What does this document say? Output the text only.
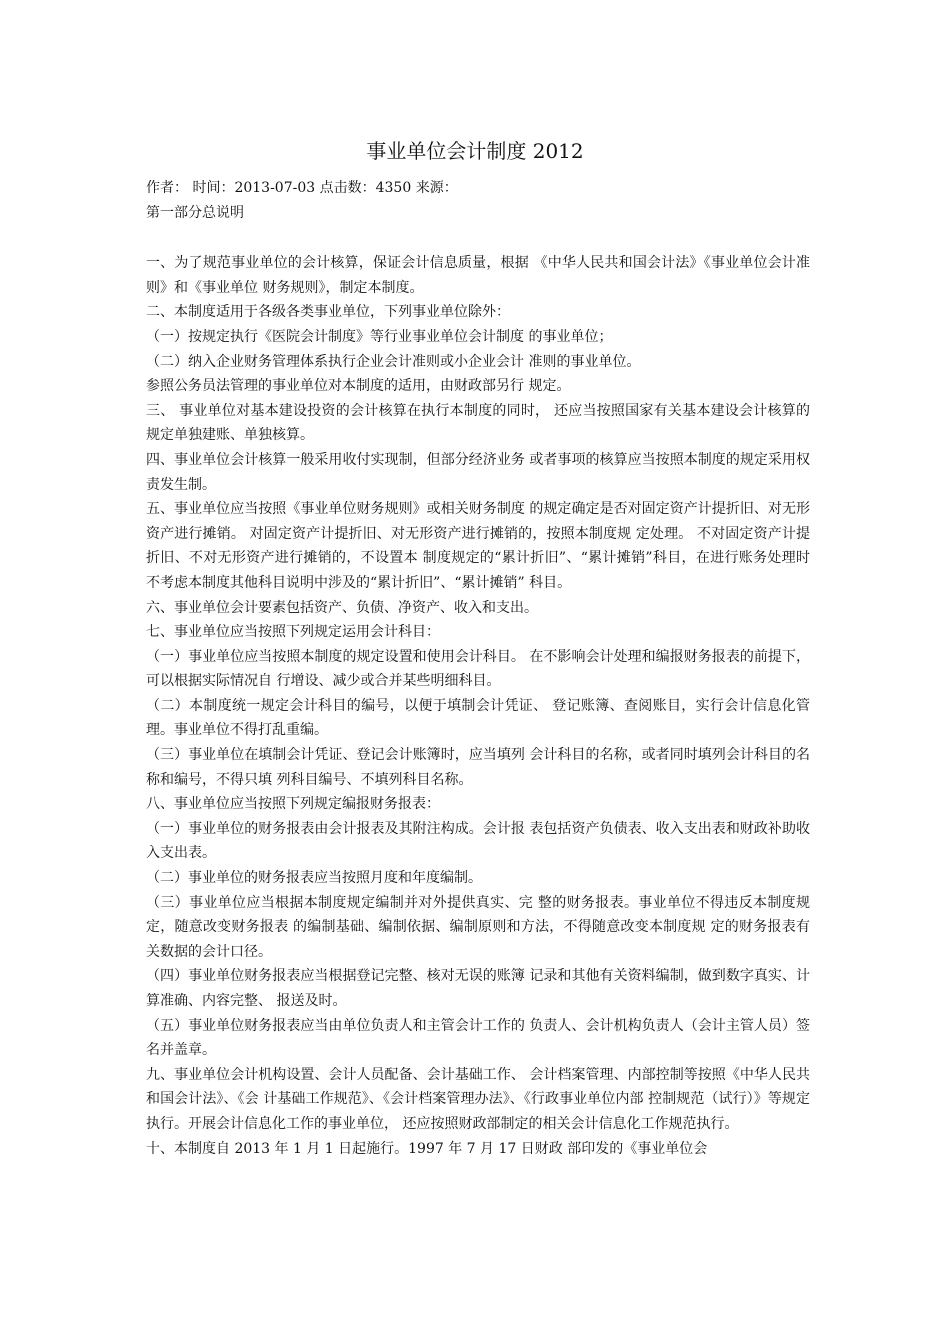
事业单位会计制度 2012
作者： 时间：2013-07-03 点击数：4350 来源：
第一部分总说明
一、为了规范事业单位的会计核算，保证会计信息质量，根据 《中华人民共和国会计法》《事业单位会计准则》和《事业单位 财务规则》，制定本制度。
二、本制度适用于各级各类事业单位，下列事业单位除外：
（一）按规定执行《医院会计制度》等行业事业单位会计制度 的事业单位；
（二）纳入企业财务管理体系执行企业会计准则或小企业会计 准则的事业单位。
参照公务员法管理的事业单位对本制度的适用，由财政部另行 规定。
三、 事业单位对基本建设投资的会计核算在执行本制度的同时， 还应当按照国家有关基本建设会计核算的规定单独建账、单独核算。
四、事业单位会计核算一般采用收付实现制，但部分经济业务 或者事项的核算应当按照本制度的规定采用权责发生制。
五、事业单位应当按照《事业单位财务规则》或相关财务制度 的规定确定是否对固定资产计提折旧、对无形资产进行摊销。 对固定资产计提折旧、对无形资产进行摊销的，按照本制度规 定处理。 不对固定资产计提折旧、不对无形资产进行摊销的，不设置本 制度规定的“累计折旧”、“累计摊销”科目，在进行账务处理时 不考虑本制度其他科目说明中涉及的“累计折旧”、“累计摊销” 科目。
六、事业单位会计要素包括资产、负债、净资产、收入和支出。
七、事业单位应当按照下列规定运用会计科目：
（一）事业单位应当按照本制度的规定设置和使用会计科目。 在不影响会计处理和编报财务报表的前提下，可以根据实际情况自 行增设、减少或合并某些明细科目。
（二）本制度统一规定会计科目的编号，以便于填制会计凭证、 登记账簿、查阅账目，实行会计信息化管理。事业单位不得打乱重编。
（三）事业单位在填制会计凭证、登记会计账簿时，应当填列 会计科目的名称，或者同时填列会计科目的名称和编号，不得只填 列科目编号、不填列科目名称。
八、事业单位应当按照下列规定编报财务报表：
（一）事业单位的财务报表由会计报表及其附注构成。会计报 表包括资产负债表、收入支出表和财政补助收入支出表。
（二）事业单位的财务报表应当按照月度和年度编制。
（三）事业单位应当根据本制度规定编制并对外提供真实、完 整的财务报表。事业单位不得违反本制度规定，随意改变财务报表 的编制基础、编制依据、编制原则和方法，不得随意改变本制度规 定的财务报表有关数据的会计口径。
（四）事业单位财务报表应当根据登记完整、核对无误的账簿 记录和其他有关资料编制，做到数字真实、计算准确、内容完整、 报送及时。
（五）事业单位财务报表应当由单位负责人和主管会计工作的 负责人、会计机构负责人（会计主管人员）签名并盖章。
九、事业单位会计机构设置、会计人员配备、会计基础工作、 会计档案管理、内部控制等按照《中华人民共和国会计法》、《会 计基础工作规范》、《会计档案管理办法》、《行政事业单位内部 控制规范（试行）》等规定执行。开展会计信息化工作的事业单位， 还应按照财政部制定的相关会计信息化工作规范执行。
十、本制度自 2013 年 1 月 1 日起施行。1997 年 7 月 17 日财政 部印发的《事业单位会
